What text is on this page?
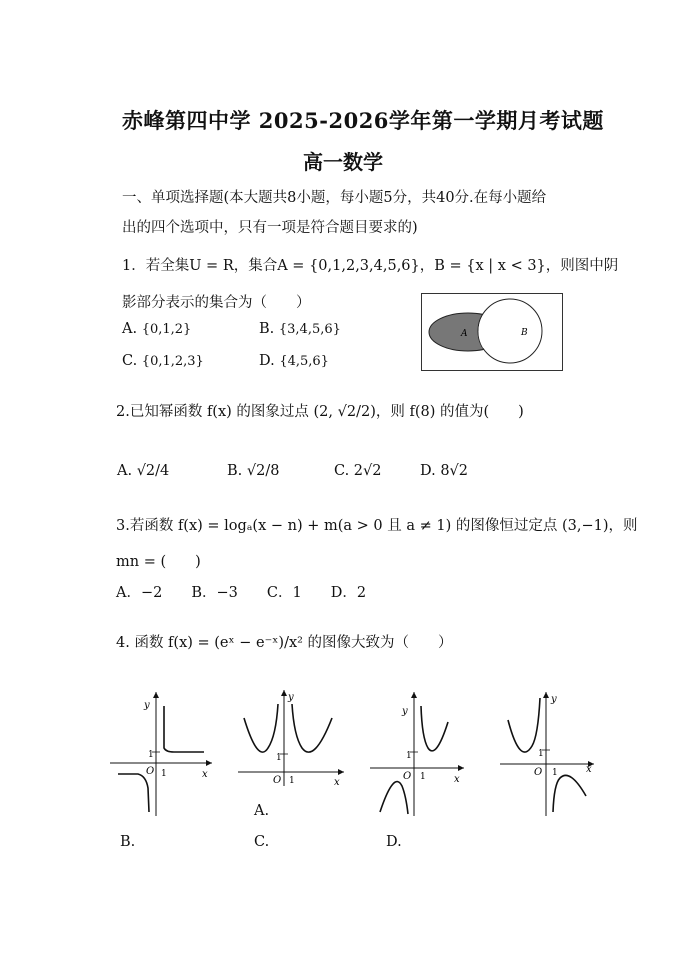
赤峰第四中学 2025-2026学年第一学期月考试题
高一数学
一、单项选择题(本大题共8小题，每小题5分，共40分.在每小题给
出的四个选项中，只有一项是符合题目要求的)
1．若全集U = R，集合A = {0,1,2,3,4,5,6}，B = {x | x < 3}，则图中阴
影部分表示的集合为（　　）
A. {0,1,2}	B. {3,4,5,6}
C. {0,1,2,3}	D. {4,5,6}
A	B
2.已知幂函数 f(x) 的图象过点 (2, √2/2)，则 f(8) 的值为(　　)
A. √2/4	B. √2/8	C. 2√2	D. 8√2
3.若函数 f(x) = logₐ(x − n) + m(a > 0 且 a ≠ 1) 的图像恒过定点 (3,−1)，则
mn = (　　)
A．−2　　B．−3　　C．1　　D．2
4. 函数 f(x) = (eˣ − e⁻ˣ)/x² 的图像大致为（　　）
y
1
O 1	x
y
1
O 1	x
y
1
O 1	x
y
1
O 1	x
A.
B.	C.	D.
